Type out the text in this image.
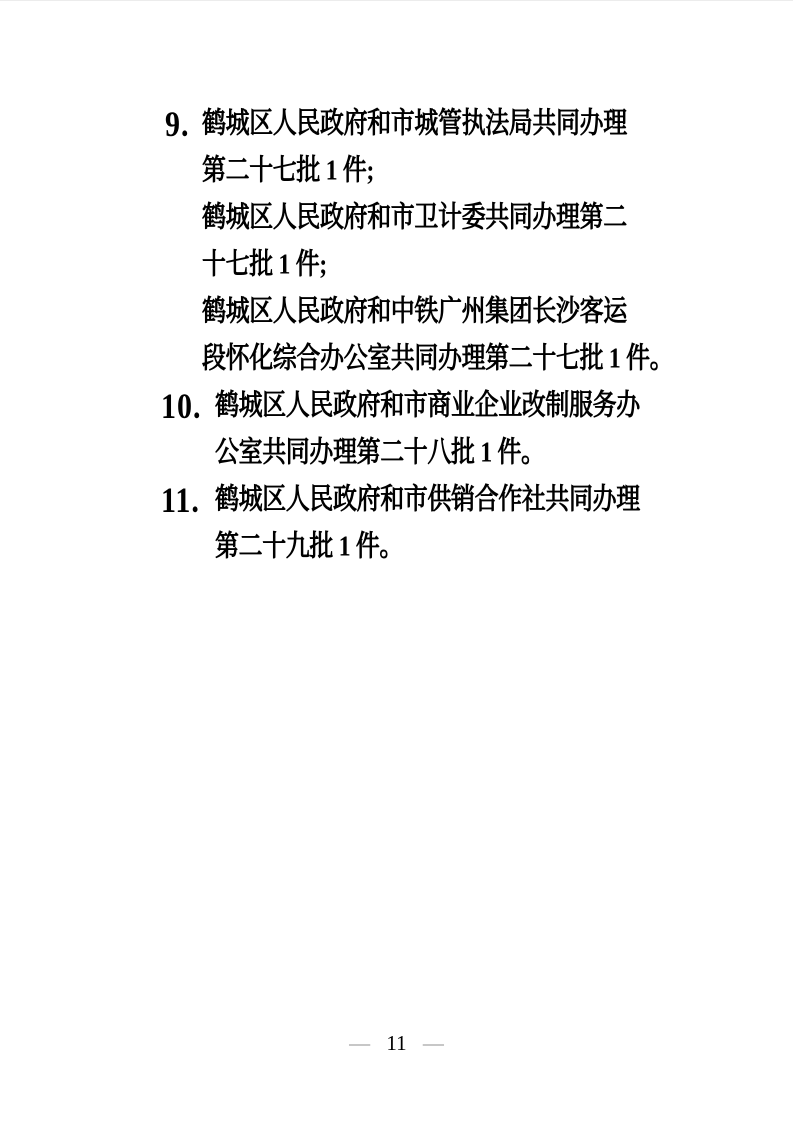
9. 鹤城区人民政府和市城管执法局共同办理
第二十七批 1 件;
鹤城区人民政府和市卫计委共同办理第二
十七批 1 件;
鹤城区人民政府和中铁广州集团长沙客运
段怀化综合办公室共同办理第二十七批 1 件。
10. 鹤城区人民政府和市商业企业改制服务办
公室共同办理第二十八批 1 件。
11. 鹤城区人民政府和市供销合作社共同办理
第二十九批 1 件。
— 11 —
